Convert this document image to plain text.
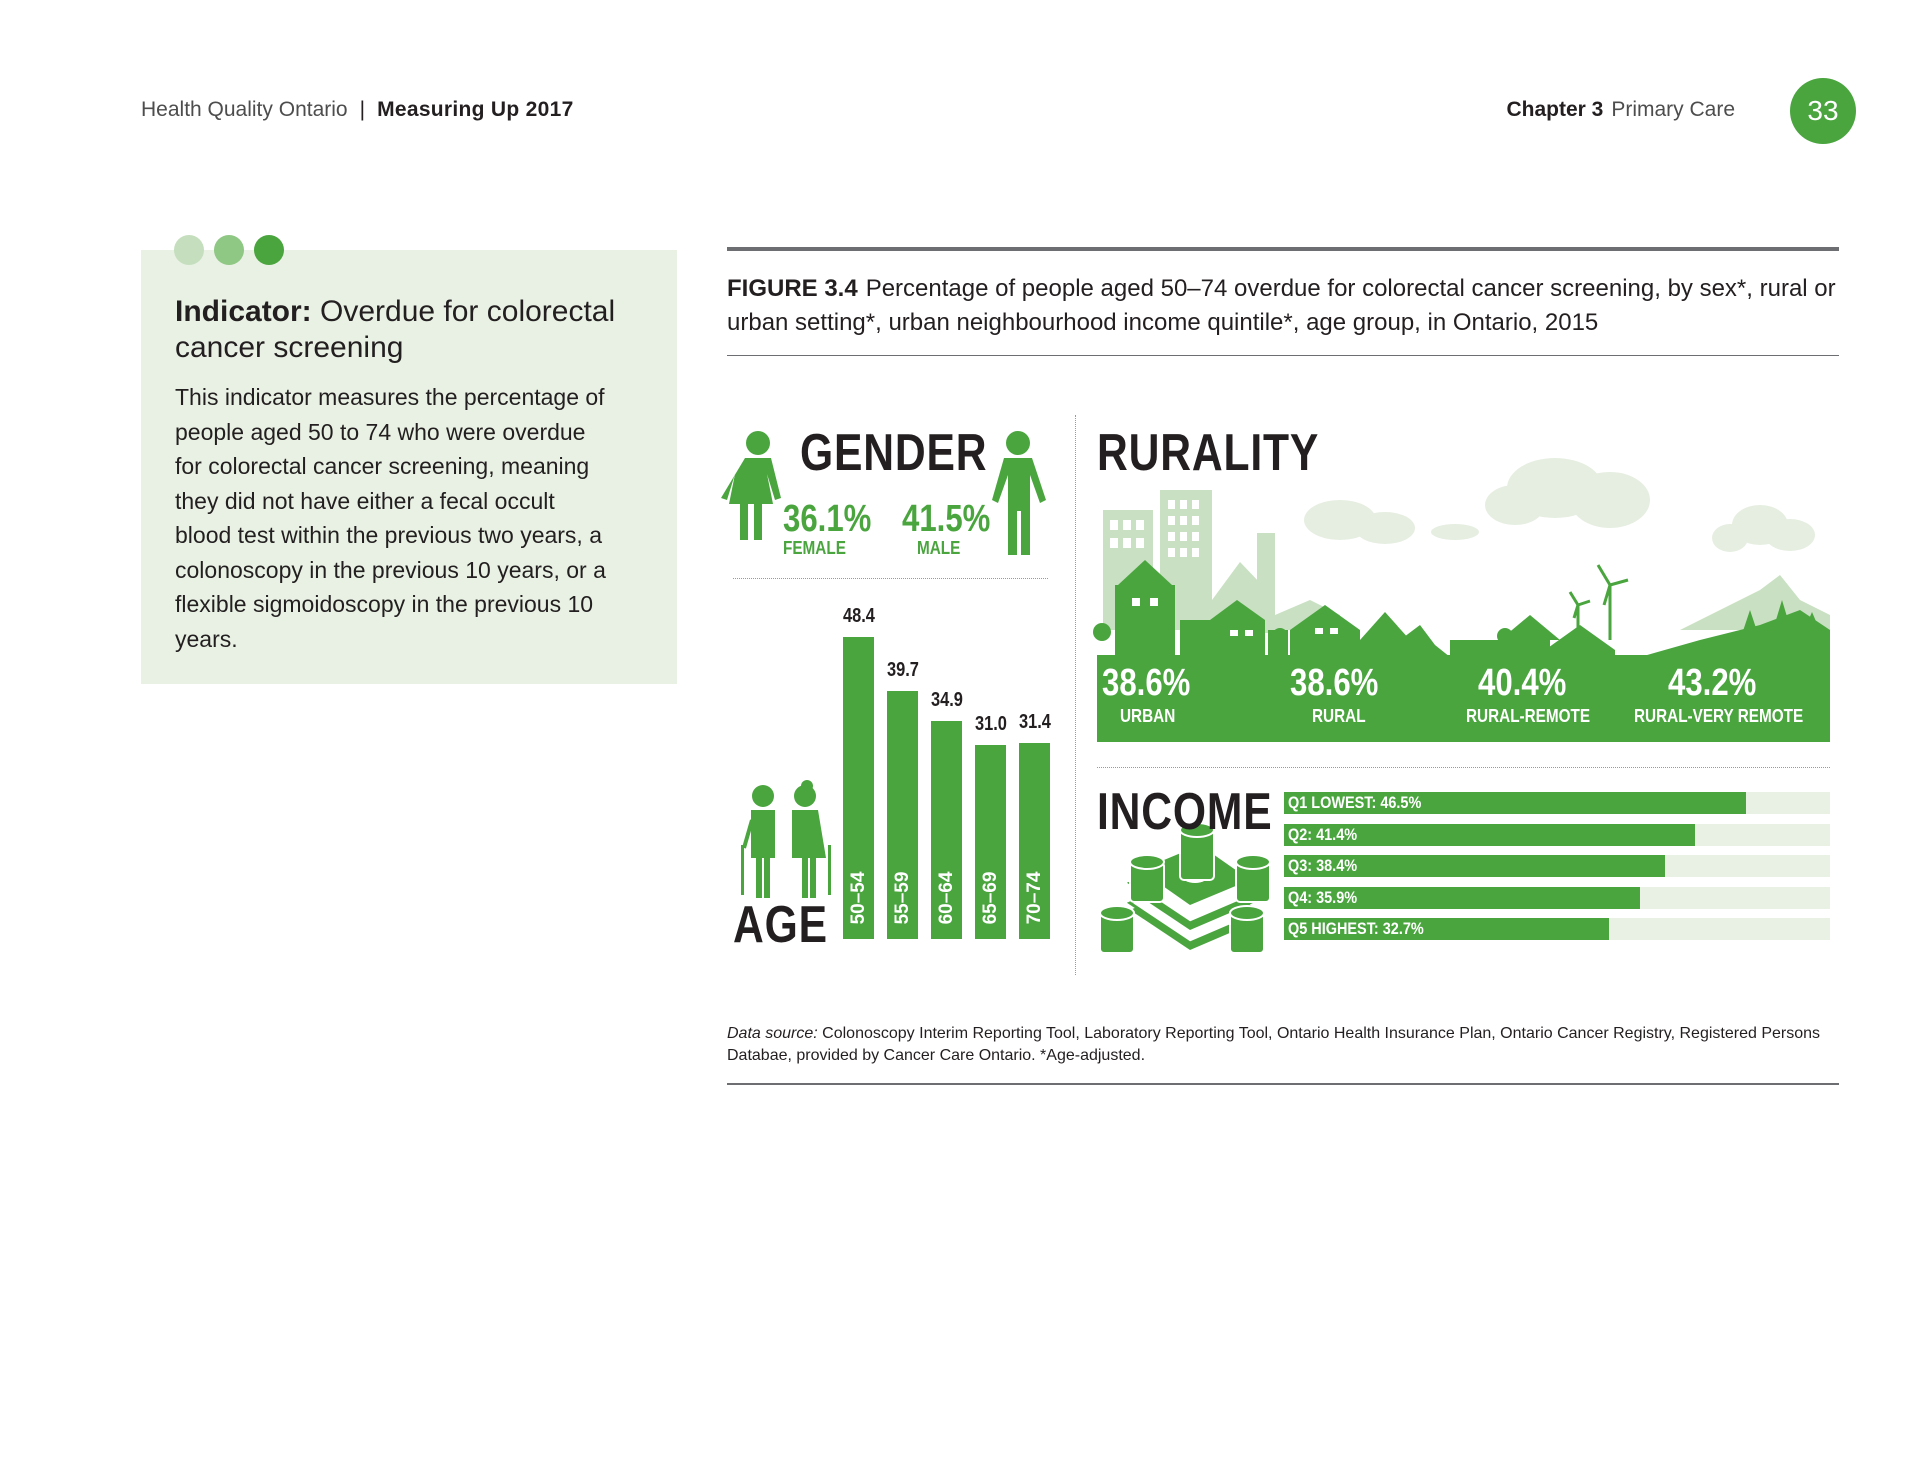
Health Quality Ontario | Measuring Up 2017	Chapter 3 Primary Care	33
Indicator: Overdue for colorectal cancer screening
This indicator measures the percentage of people aged 50 to 74 who were overdue for colorectal cancer screening, meaning they did not have either a fecal occult blood test within the previous two years, a colonoscopy in the previous 10 years, or a flexible sigmoidoscopy in the previous 10 years.
FIGURE 3.4 Percentage of people aged 50–74 overdue for colorectal cancer screening, by sex*, rural or urban setting*, urban neighbourhood income quintile*, age group, in Ontario, 2015
GENDER
36.1%
FEMALE
41.5%
MALE
AGE 50–54
48.4
55–59
39.7
60–64
34.9
65–69
31.0
70–74
31.4
RURALITY
38.6%
URBAN
38.6%
RURAL
40.4%
RURAL-REMOTE
43.2%
RURAL-VERY REMOTE
INCOME Q1 LOWEST: 46.5%
Q2: 41.4%
Q3: 38.4%
Q4: 35.9%
Q5 HIGHEST: 32.7%
Data source: Colonoscopy Interim Reporting Tool, Laboratory Reporting Tool, Ontario Health Insurance Plan, Ontario Cancer Registry, Registered Persons Databae, provided by Cancer Care Ontario. *Age-adjusted.
